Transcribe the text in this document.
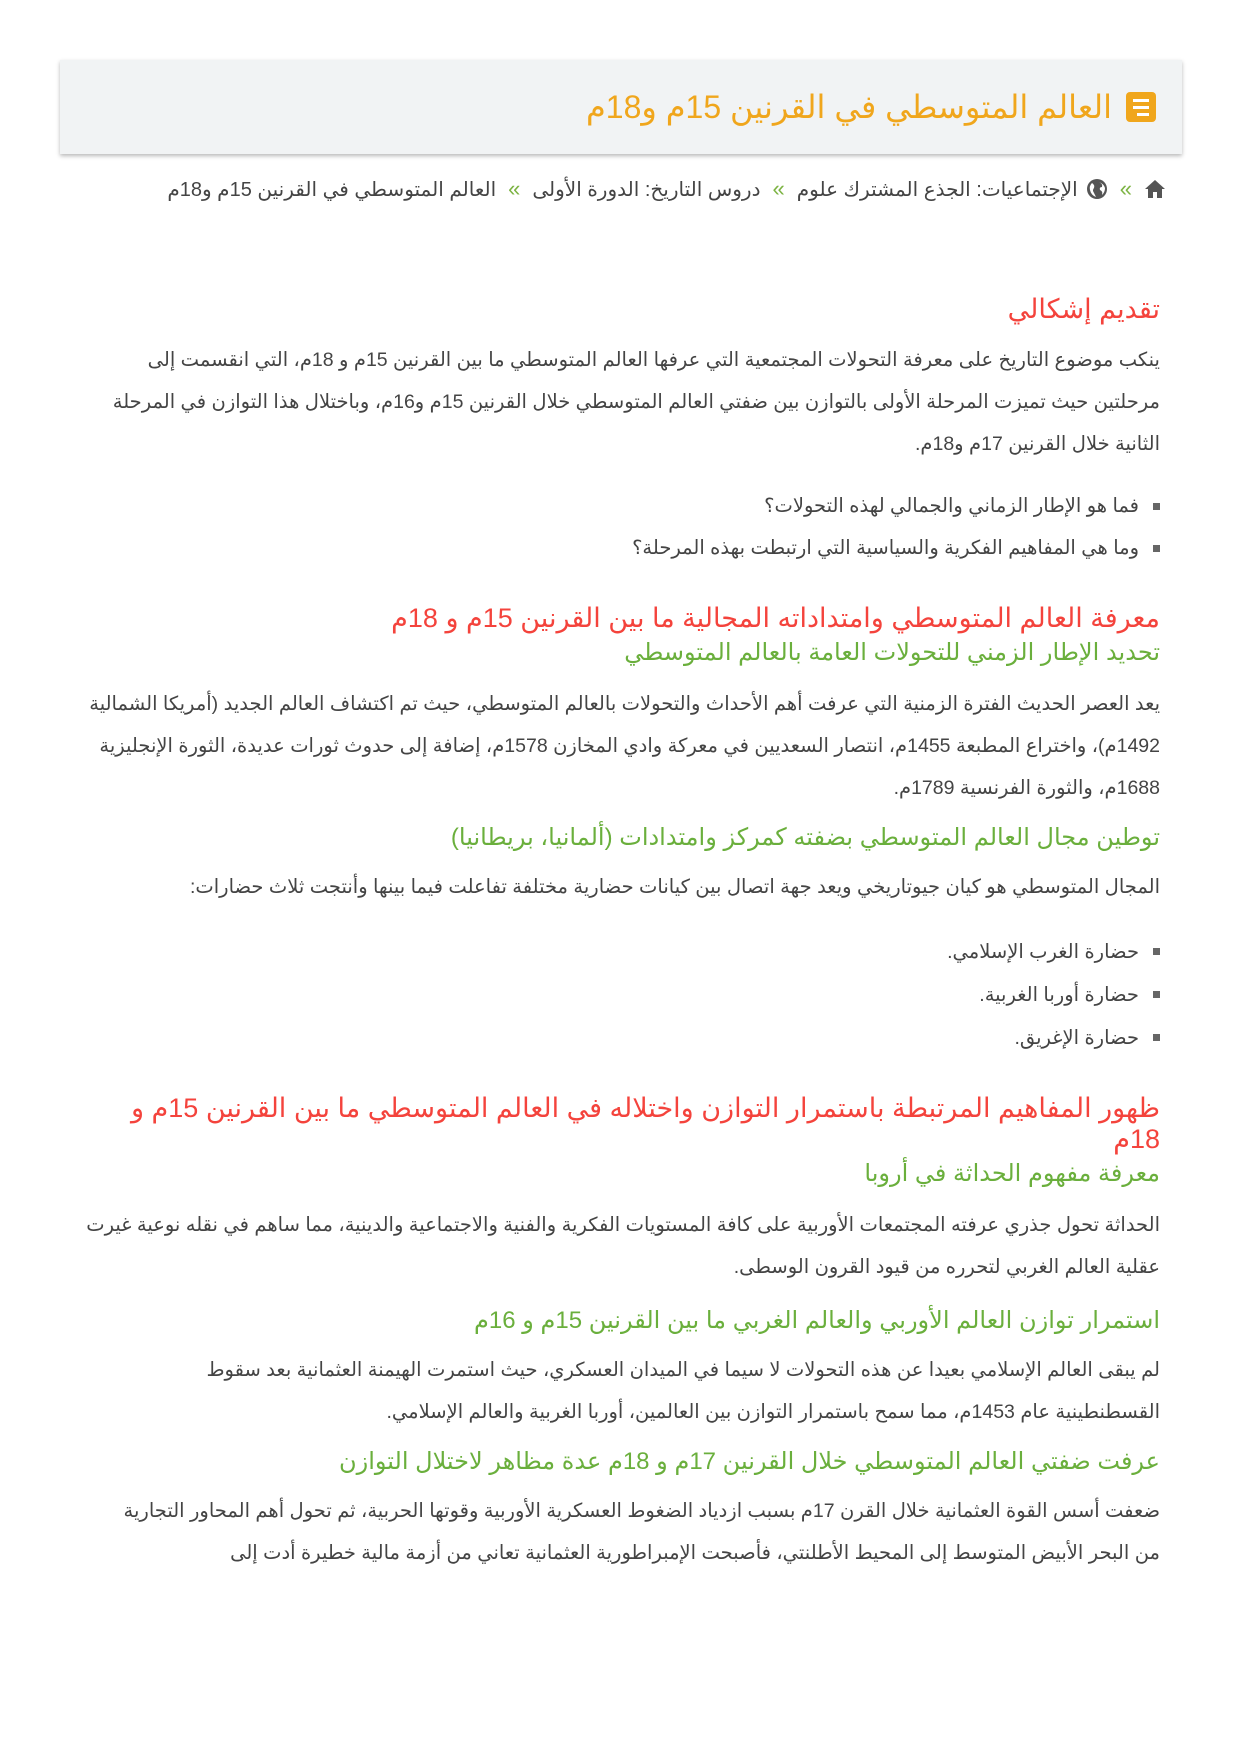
العالم المتوسطي في القرنين 15م و18م
»
الإجتماعيات: الجذع المشترك علوم
»
دروس التاريخ: الدورة الأولى
»
العالم المتوسطي في القرنين 15م و18م
تقديم إشكالي

ينكب موضوع التاريخ على معرفة التحولات المجتمعية التي عرفها العالم المتوسطي ما بين القرنين 15م و 18م، التي انقسمت إلى مرحلتين حيث تميزت المرحلة الأولى بالتوازن بين ضفتي العالم المتوسطي خلال القرنين 15م و16م، وباختلال هذا التوازن في المرحلة الثانية خلال القرنين 17م و18م.

فما هو الإطار الزماني والجمالي لهذه التحولات؟
وما هي المفاهيم الفكرية والسياسية التي ارتبطت بهذه المرحلة؟
معرفة العالم المتوسطي وامتداداته المجالية ما بين القرنين 15م و 18م
تحديد الإطار الزمني للتحولات العامة بالعالم المتوسطي

يعد العصر الحديث الفترة الزمنية التي عرفت أهم الأحداث والتحولات بالعالم المتوسطي، حيث تم اكتشاف العالم الجديد (أمريكا الشمالية 1492م)، واختراع المطبعة 1455م، انتصار السعديين في معركة وادي المخازن 1578م، إضافة إلى حدوث ثورات عديدة، الثورة الإنجليزية 1688م، والثورة الفرنسية 1789م.

توطين مجال العالم المتوسطي بضفته كمركز وامتدادات (ألمانيا، بريطانيا)

المجال المتوسطي هو كيان جيوتاريخي ويعد جهة اتصال بين كيانات حضارية مختلفة تفاعلت فيما بينها وأنتجت ثلاث حضارات:

حضارة الغرب الإسلامي.
حضارة أوربا الغربية.
حضارة الإغريق.
ظهور المفاهيم المرتبطة باستمرار التوازن واختلاله في العالم المتوسطي ما بين القرنين 15م و 18م
معرفة مفهوم الحداثة في أروبا

الحداثة تحول جذري عرفته المجتمعات الأوربية على كافة المستويات الفكرية والفنية والاجتماعية والدينية، مما ساهم في نقله نوعية غيرت عقلية العالم الغربي لتحرره من قيود القرون الوسطى.

استمرار توازن العالم الأوربي والعالم الغربي ما بين القرنين 15م و 16م

لم يبقى العالم الإسلامي بعيدا عن هذه التحولات لا سيما في الميدان العسكري، حيث استمرت الهيمنة العثمانية بعد سقوط القسطنطينية عام 1453م، مما سمح باستمرار التوازن بين العالمين، أوربا الغربية والعالم الإسلامي.

عرفت ضفتي العالم المتوسطي خلال القرنين 17م و 18م عدة مظاهر لاختلال التوازن

ضعفت أسس القوة العثمانية خلال القرن 17م بسبب ازدياد الضغوط العسكرية الأوربية وقوتها الحربية، ثم تحول أهم المحاور التجارية من البحر الأبيض المتوسط إلى المحيط الأطلنتي، فأصبحت الإمبراطورية العثمانية تعاني من أزمة مالية خطيرة أدت إلى
